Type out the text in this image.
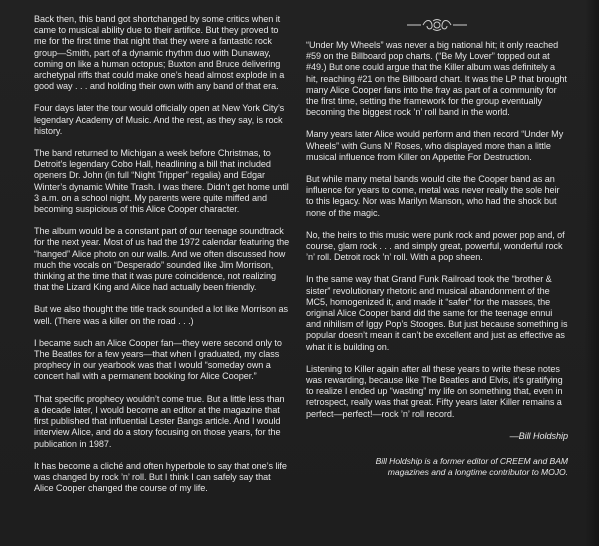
Back then, this band got shortchanged by some critics when it came to musical ability due to their artifice. But they proved to me for the first time that night that they were a fantastic rock group—Smith, part of a dynamic rhythm duo with Dunaway, coming on like a human octopus; Buxton and Bruce delivering archetypal riffs that could make one’s head almost explode in a good way . . . and holding their own with any band of that era.

Four days later the tour would officially open at New York City’s legendary Academy of Music. And the rest, as they say, is rock history.

The band returned to Michigan a week before Christmas, to Detroit’s legendary Cobo Hall, headlining a bill that included openers Dr. John (in full “Night Tripper” regalia) and Edgar Winter’s dynamic White Trash. I was there. Didn’t get home until 3 a.m. on a school night. My parents were quite miffed and becoming suspicious of this Alice Cooper character.

The album would be a constant part of our teenage soundtrack for the next year. Most of us had the 1972 calendar featuring the “hanged” Alice photo on our walls. And we often discussed how much the vocals on “Desperado” sounded like Jim Morrison, thinking at the time that it was pure coincidence, not realizing that the Lizard King and Alice had actually been friendly.

But we also thought the title track sounded a lot like Morrison as well. (There was a killer on the road . . .)

I became such an Alice Cooper fan—they were second only to The Beatles for a few years—that when I graduated, my class prophecy in our yearbook was that I would “someday own a concert hall with a permanent booking for Alice Cooper.”

That specific prophecy wouldn’t come true. But a little less than a decade later, I would become an editor at the magazine that first published that influential Lester Bangs article. And I would interview Alice, and do a story focusing on those years, for the publication in 1987.

It has become a cliché and often hyperbole to say that one’s life was changed by rock ’n’ roll. But I think I can safely say that Alice Cooper changed the course of my life.

“Under My Wheels” was never a big national hit; it only reached #59 on the Billboard pop charts. (“Be My Lover” topped out at #49.) But one could argue that the Killer album was definitely a hit, reaching #21 on the Billboard chart. It was the LP that brought many Alice Cooper fans into the fray as part of a community for the first time, setting the framework for the group eventually becoming the biggest rock ’n’ roll band in the world.

Many years later Alice would perform and then record “Under My Wheels” with Guns N’ Roses, who displayed more than a little musical influence from Killer on Appetite For Destruction.

But while many metal bands would cite the Cooper band as an influence for years to come, metal was never really the sole heir to this legacy. Nor was Marilyn Manson, who had the shock but none of the magic.

No, the heirs to this music were punk rock and power pop and, of course, glam rock . . . and simply great, powerful, wonderful rock ’n’ roll. Detroit rock ’n’ roll. With a pop sheen.

In the same way that Grand Funk Railroad took the “brother & sister” revolutionary rhetoric and musical abandonment of the MC5, homogenized it, and made it “safer” for the masses, the original Alice Cooper band did the same for the teenage ennui and nihilism of Iggy Pop’s Stooges. But just because something is popular doesn’t mean it can’t be excellent and just as effective as what it is building on.

Listening to Killer again after all these years to write these notes was rewarding, because like The Beatles and Elvis, it’s gratifying to realize I ended up “wasting” my life on something that, even in retrospect, really was that great. Fifty years later Killer remains a perfect—perfect!—rock ’n’ roll record.

—Bill Holdship
Bill Holdship is a former editor of CREEM and BAM
magazines and a longtime contributor to MOJO.
